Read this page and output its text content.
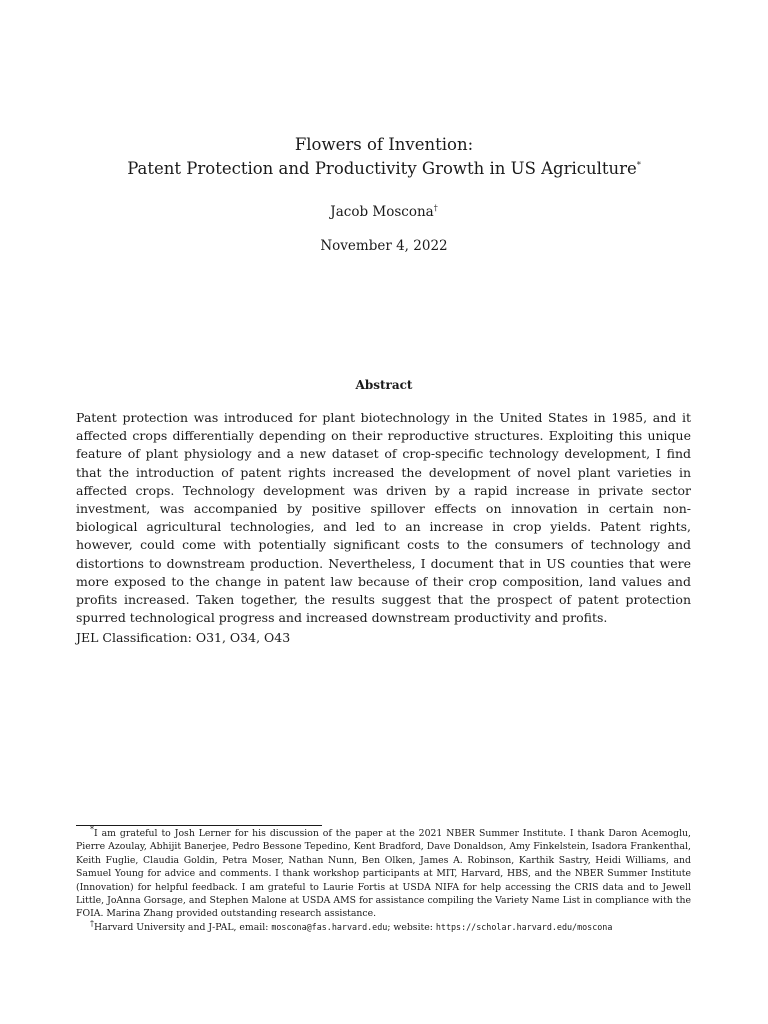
Flowers of Invention:
Patent Protection and Productivity Growth in US Agriculture*
Jacob Moscona†
November 4, 2022
Abstract

Patent protection was introduced for plant biotechnology in the United States in 1985, and it affected crops differentially depending on their reproductive structures. Exploiting this unique feature of plant physiology and a new dataset of crop-specific technology development, I find that the introduction of patent rights increased the development of novel plant varieties in affected crops. Technology development was driven by a rapid increase in private sector investment, was accompanied by positive spillover effects on innovation in certain non-biological agricultural technologies, and led to an increase in crop yields. Patent rights, however, could come with potentially significant costs to the consumers of technology and distortions to downstream production. Nevertheless, I document that in US counties that were more exposed to the change in patent law because of their crop composition, land values and profits increased. Taken together, the results suggest that the prospect of patent protection spurred technological progress and increased downstream productivity and profits.

JEL Classification: O31, O34, O43

*I am grateful to Josh Lerner for his discussion of the paper at the 2021 NBER Summer Institute. I thank Daron Acemoglu, Pierre Azoulay, Abhijit Banerjee, Pedro Bessone Tepedino, Kent Bradford, Dave Donaldson, Amy Finkelstein, Isadora Frankenthal, Keith Fuglie, Claudia Goldin, Petra Moser, Nathan Nunn, Ben Olken, James A. Robinson, Karthik Sastry, Heidi Williams, and Samuel Young for advice and comments. I thank workshop participants at MIT, Harvard, HBS, and the NBER Summer Institute (Innovation) for helpful feedback. I am grateful to Laurie Fortis at USDA NIFA for help accessing the CRIS data and to Jewell Little, JoAnna Gorsage, and Stephen Malone at USDA AMS for assistance compiling the Variety Name List in compliance with the FOIA. Marina Zhang provided outstanding research assistance.

†Harvard University and J-PAL, email: moscona@fas.harvard.edu; website: https://scholar.harvard.edu/moscona
